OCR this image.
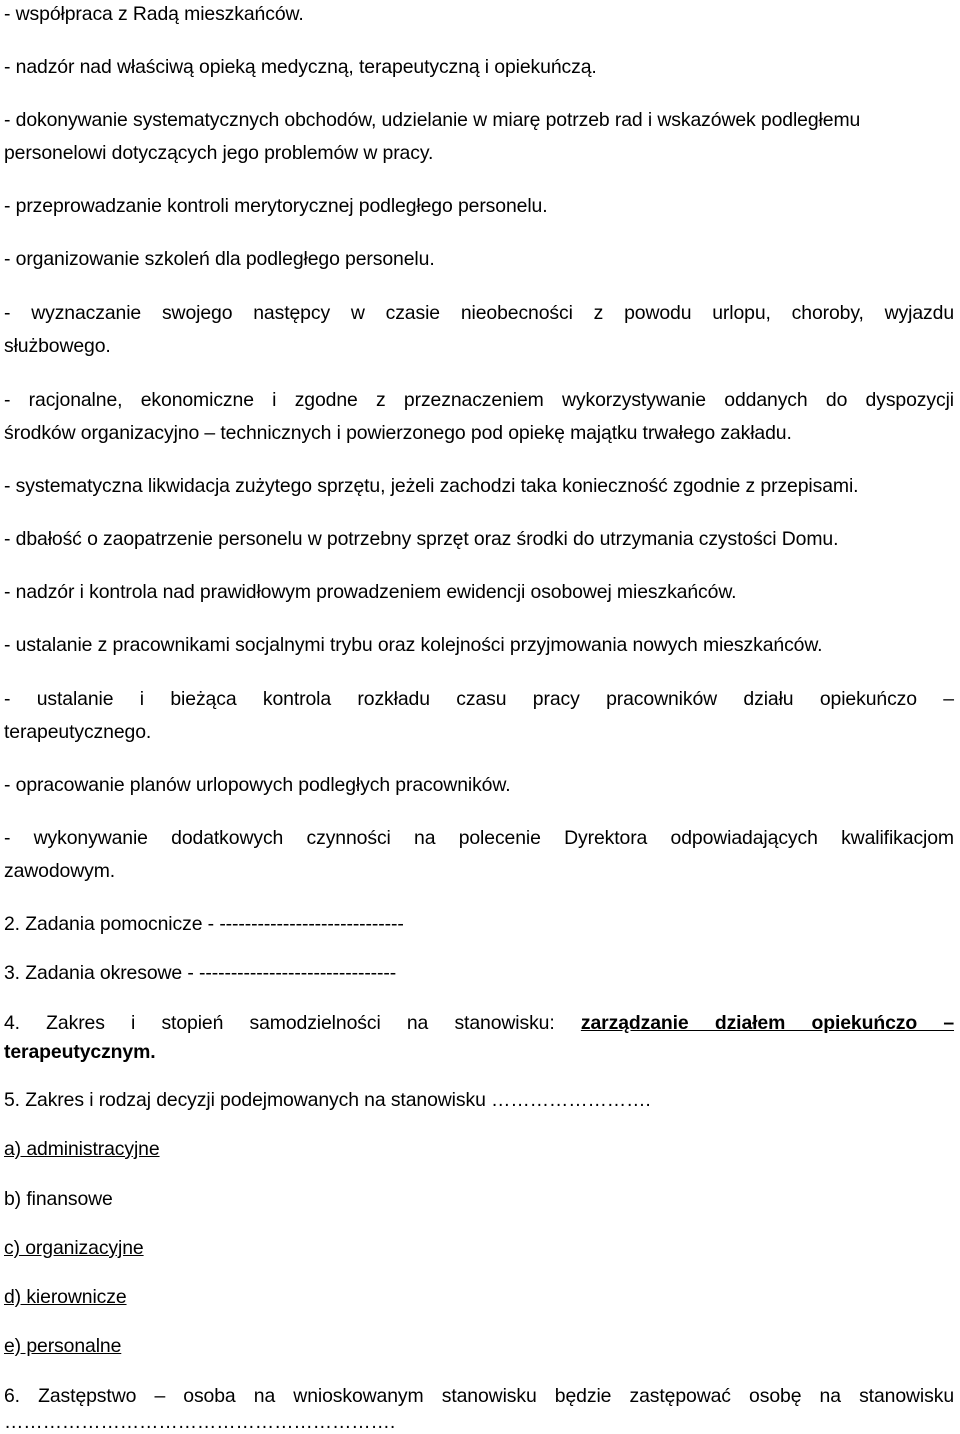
- współpraca z Radą mieszkańców.

- nadzór nad właściwą opieką medyczną, terapeutyczną i opiekuńczą.

- dokonywanie systematycznych obchodów, udzielanie w miarę potrzeb rad i wskazówek podległemu

personelowi dotyczących jego problemów w pracy.

- przeprowadzanie kontroli merytorycznej podległego personelu.

- organizowanie szkoleń dla podległego personelu.

- wyznaczanie swojego następcy w czasie nieobecności z powodu urlopu, choroby, wyjazdu

służbowego.

- racjonalne, ekonomiczne i zgodne z przeznaczeniem wykorzystywanie oddanych do dyspozycji

środków organizacyjno – technicznych i powierzonego pod opiekę majątku trwałego zakładu.

- systematyczna likwidacja zużytego sprzętu, jeżeli zachodzi taka konieczność zgodnie z przepisami.

- dbałość o zaopatrzenie personelu w potrzebny sprzęt oraz środki do utrzymania czystości Domu.

- nadzór i kontrola nad prawidłowym prowadzeniem ewidencji osobowej mieszkańców.

- ustalanie z pracownikami socjalnymi trybu oraz kolejności przyjmowania nowych mieszkańców.

- ustalanie i bieżąca kontrola rozkładu czasu pracy pracowników działu opiekuńczo –

terapeutycznego.

- opracowanie planów urlopowych podległych pracowników.

- wykonywanie dodatkowych czynności na polecenie Dyrektora odpowiadających kwalifikacjom

zawodowym.

2. Zadania pomocnicze - -----------------------------

3. Zadania okresowe - -------------------------------

4. Zakres i stopień samodzielności na stanowisku: zarządzanie działem opiekuńczo –

terapeutycznym.

5. Zakres i rodzaj decyzji podejmowanych na stanowisku …………………….

a) administracyjne

b) finansowe

c) organizacyjne

d) kierownicze

e) personalne

6. Zastępstwo – osoba na wnioskowanym stanowisku będzie zastępować osobę na stanowisku

…………………………………………………….
